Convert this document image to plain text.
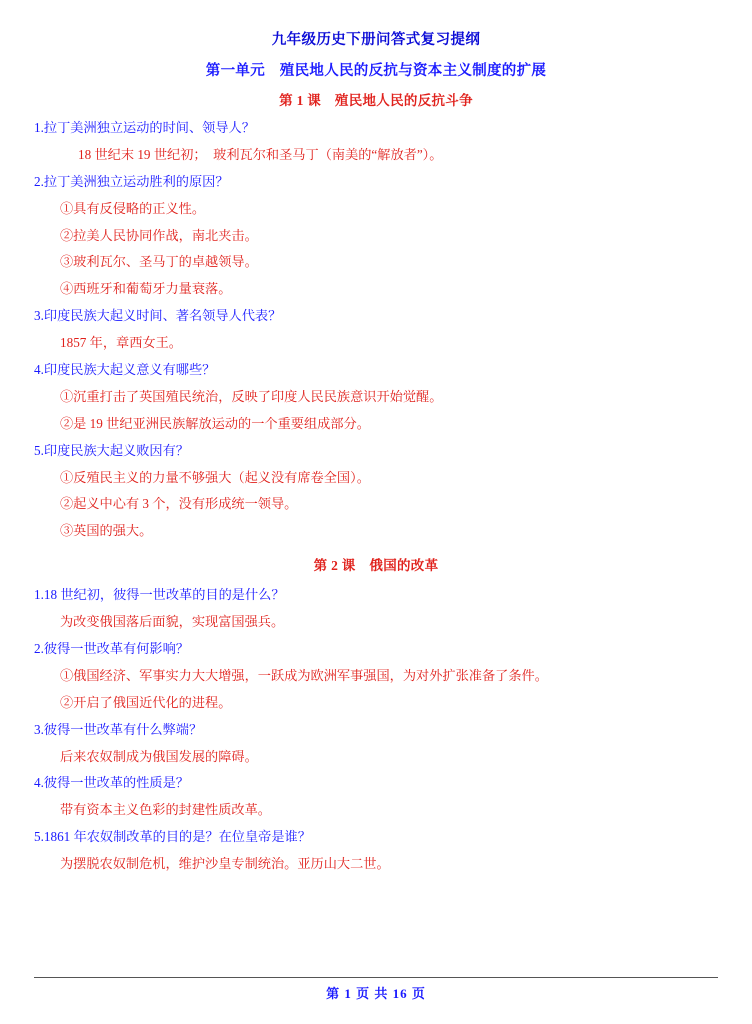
九年级历史下册问答式复习提纲
第一单元　殖民地人民的反抗与资本主义制度的扩展
第 1 课　殖民地人民的反抗斗争
1.拉丁美洲独立运动的时间、领导人？
18 世纪末 19 世纪初；　玻利瓦尔和圣马丁（南美的“解放者”）。
2.拉丁美洲独立运动胜利的原因？
①具有反侵略的正义性。
②拉美人民协同作战，南北夹击。
③玻利瓦尔、圣马丁的卓越领导。
④西班牙和葡萄牙力量衰落。
3.印度民族大起义时间、著名领导人代表？
1857 年，章西女王。
4.印度民族大起义意义有哪些？
①沉重打击了英国殖民统治，反映了印度人民民族意识开始觉醒。
②是 19 世纪亚洲民族解放运动的一个重要组成部分。
5.印度民族大起义败因有？
①反殖民主义的力量不够强大（起义没有席卷全国）。
②起义中心有 3 个，没有形成统一领导。
③英国的强大。
第 2 课　俄国的改革
1.18 世纪初，彼得一世改革的目的是什么？
为改变俄国落后面貌，实现富国强兵。
2.彼得一世改革有何影响？
①俄国经济、军事实力大大增强，一跃成为欧洲军事强国，为对外扩张准备了条件。
②开启了俄国近代化的进程。
3.彼得一世改革有什么弊端？
后来农奴制成为俄国发展的障碍。
4.彼得一世改革的性质是？
带有资本主义色彩的封建性质改革。
5.1861 年农奴制改革的目的是？在位皇帝是谁？
为摆脱农奴制危机，维护沙皇专制统治。亚历山大二世。
第 1 页 共 16 页
